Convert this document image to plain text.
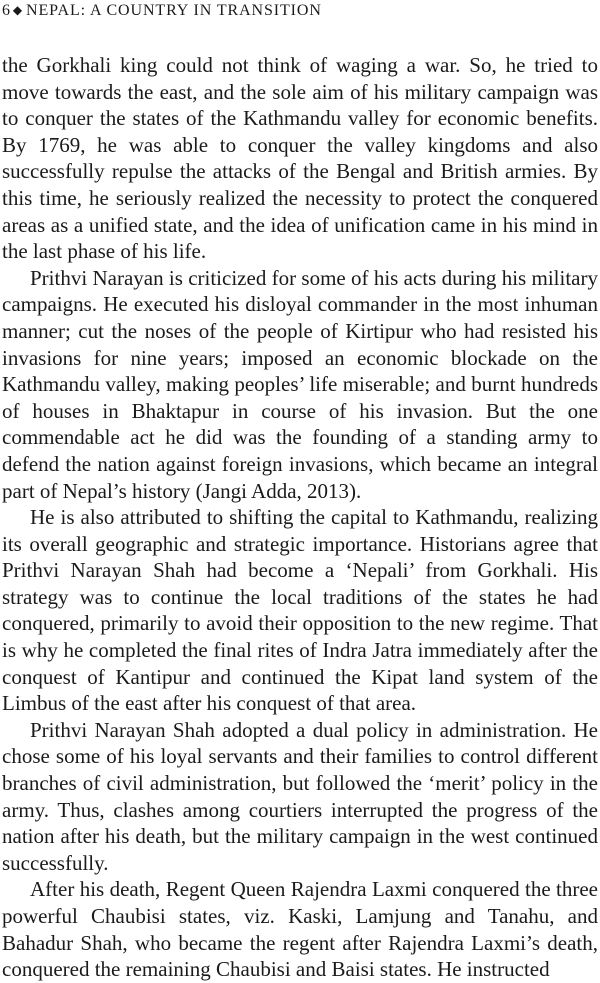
6 ◆ NEPAL: A COUNTRY IN TRANSITION

the Gorkhali king could not think of waging a war. So, he tried to move towards the east, and the sole aim of his military campaign was to conquer the states of the Kathmandu valley for economic benefits. By 1769, he was able to conquer the valley kingdoms and also successfully repulse the attacks of the Bengal and British armies. By this time, he seriously realized the necessity to protect the conquered areas as a unified state, and the idea of unification came in his mind in the last phase of his life.

Prithvi Narayan is criticized for some of his acts during his military campaigns. He executed his disloyal commander in the most inhuman manner; cut the noses of the people of Kirtipur who had resisted his invasions for nine years; imposed an economic blockade on the Kathmandu valley, making peoples’ life miserable; and burnt hundreds of houses in Bhaktapur in course of his invasion. But the one commendable act he did was the founding of a standing army to defend the nation against foreign invasions, which became an integral part of Nepal’s history (Jangi Adda, 2013).

He is also attributed to shifting the capital to Kathmandu, realizing its overall geographic and strategic importance. Historians agree that Prithvi Narayan Shah had become a ‘Nepali’ from Gorkhali. His strategy was to continue the local traditions of the states he had conquered, primarily to avoid their opposition to the new regime. That is why he completed the final rites of Indra Jatra immediately after the conquest of Kantipur and continued the Kipat land system of the Limbus of the east after his conquest of that area.

Prithvi Narayan Shah adopted a dual policy in administration. He chose some of his loyal servants and their families to control different branches of civil administration, but followed the ‘merit’ policy in the army. Thus, clashes among courtiers interrupted the progress of the nation after his death, but the military campaign in the west continued successfully.

After his death, Regent Queen Rajendra Laxmi conquered the three powerful Chaubisi states, viz. Kaski, Lamjung and Tanahu, and Bahadur Shah, who became the regent after Rajendra Laxmi’s death, conquered the remaining Chaubisi and Baisi states. He instructed
